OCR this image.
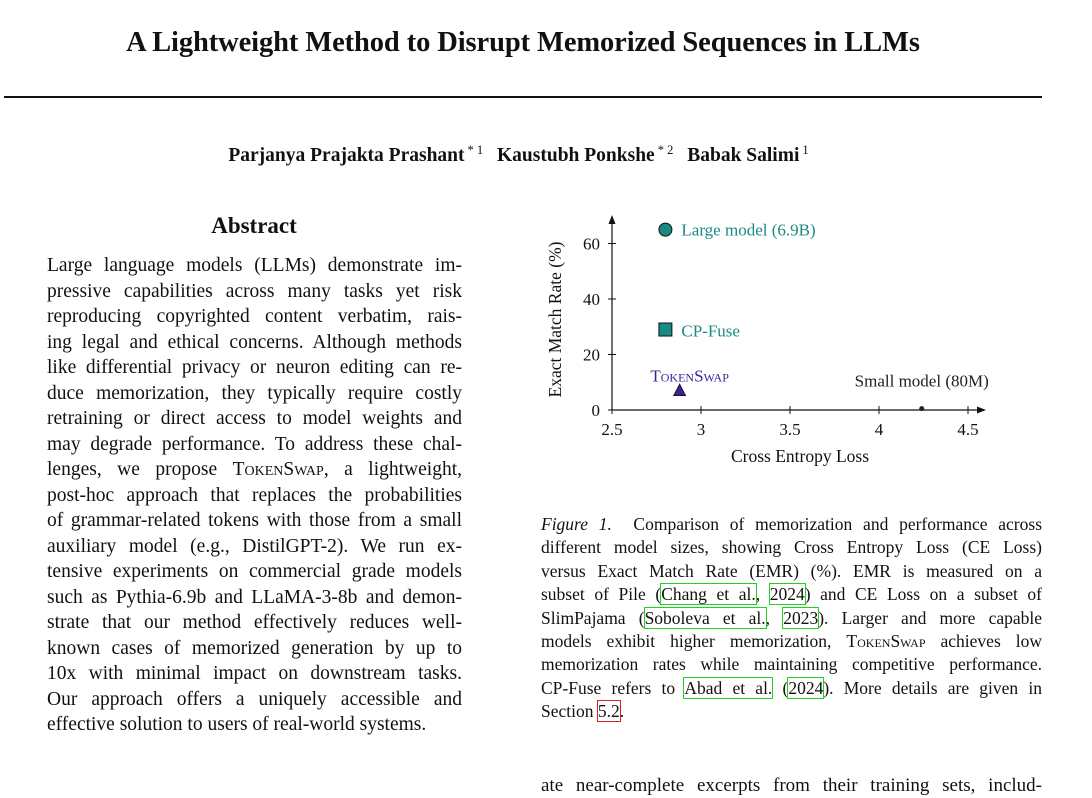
A Lightweight Method to Disrupt Memorized Sequences in LLMs
Parjanya Prajakta Prashant $^{* 1}$ Kaustubh Ponkshe $^{* 2}$ Babak Salimi $^1$
Abstract
Large language models (LLMs) demonstrate im-
pressive capabilities across many tasks yet risk
reproducing copyrighted content verbatim, rais-
ing legal and ethical concerns. Although methods
like differential privacy or neuron editing can re-
duce memorization, they typically require costly
retraining or direct access to model weights and
may degrade performance. To address these chal-
lenges, we propose TokenSwap, a lightweight,
post-hoc approach that replaces the probabilities
of grammar-related tokens with those from a small
auxiliary model (e.g., DistilGPT-2). We run ex-
tensive experiments on commercial grade models
such as Pythia-6.9b and LLaMA-3-8b and demon-
strate that our method effectively reduces well-
known cases of memorized generation by up to
10x with minimal impact on downstream tasks.
Our approach offers a uniquely accessible and
effective solution to users of real-world systems.
2.5	3	3.5	4	4.5
0
20
40
60
Cross Entropy Loss
Exact Match Rate (%)
Large model (6.9B)
CP-Fuse
TokenSwap	Small model (80M)
Figure 1. Comparison of memorization and performance across
different model sizes, showing Cross Entropy Loss (CE Loss)
versus Exact Match Rate (EMR) (%). EMR is measured on a
subset of Pile (Chang et al., 2024) and CE Loss on a subset of
SlimPajama (Soboleva et al., 2023). Larger and more capable
models exhibit higher memorization, TokenSwap achieves low
memorization rates while maintaining competitive performance.
CP-Fuse refers to Abad et al. (2024). More details are given in
Section 5.2.
ate near-complete excerpts from their training sets, includ-
